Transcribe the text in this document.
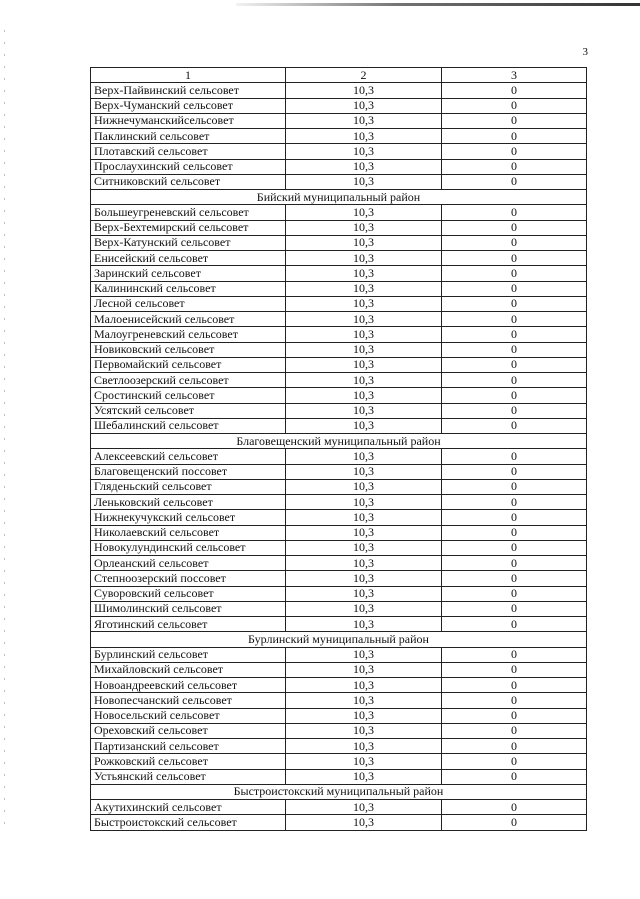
3
1	2	3
Верх-Пайвинский сельсовет	10,3	0
Верх-Чуманский сельсовет	10,3	0
Нижнечуманскийсельсовет	10,3	0
Паклинский сельсовет	10,3	0
Плотавский сельсовет	10,3	0
Прослаухинский сельсовет	10,3	0
Ситниковский сельсовет	10,3	0
Бийский муниципальный район		
Большеугреневский сельсовет	10,3	0
Верх-Бехтемирский сельсовет	10,3	0
Верх-Катунский сельсовет	10,3	0
Енисейский сельсовет	10,3	0
Заринский сельсовет	10,3	0
Калининский сельсовет	10,3	0
Лесной сельсовет	10,3	0
Малоенисейский сельсовет	10,3	0
Малоугреневский сельсовет	10,3	0
Новиковский сельсовет	10,3	0
Первомайский сельсовет	10,3	0
Светлоозерский сельсовет	10,3	0
Сростинский сельсовет	10,3	0
Усятский сельсовет	10,3	0
Шебалинский сельсовет	10,3	0
Благовещенский муниципальный район		
Алексеевский сельсовет	10,3	0
Благовещенский поссовет	10,3	0
Гляденьский сельсовет	10,3	0
Леньковский сельсовет	10,3	0
Нижнекучукский сельсовет	10,3	0
Николаевский сельсовет	10,3	0
Новокулундинский сельсовет	10,3	0
Орлеанский сельсовет	10,3	0
Степноозерский поссовет	10,3	0
Суворовский сельсовет	10,3	0
Шимолинский сельсовет	10,3	0
Яготинский сельсовет	10,3	0
Бурлинский муниципальный район		
Бурлинский сельсовет	10,3	0
Михайловский сельсовет	10,3	0
Новоандреевский сельсовет	10,3	0
Новопесчанский сельсовет	10,3	0
Новосельский сельсовет	10,3	0
Ореховский сельсовет	10,3	0
Партизанский сельсовет	10,3	0
Рожковский сельсовет	10,3	0
Устьянский сельсовет	10,3	0
Быстроистокский муниципальный район		
Акутихинский сельсовет	10,3	0
Быстроистокский сельсовет	10,3	0
